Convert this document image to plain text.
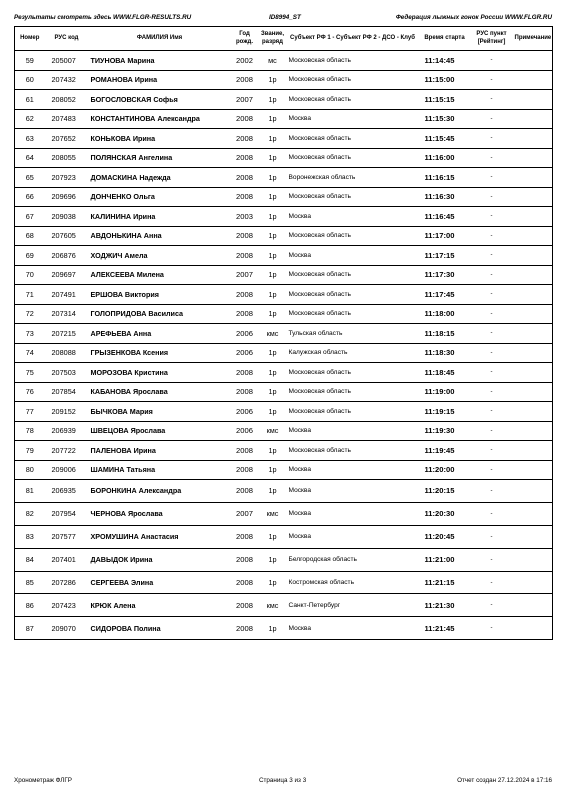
Результаты смотреть здесь WWW.FLGR-RESULTS.RU	ID8994_ST	Федерация лыжных гонок России WWW.FLGR.RU
Номер	РУС код	ФАМИЛИЯ Имя	Год рожд.	Звание, разряд	Субъект РФ 1 - Субъект РФ 2 - ДСО - Клуб	Время старта	РУС пункт [Рейтинг]	Примечание
59	205007	ТИУНОВА Марина	2002	мс	Московская область	11:14:45	-	
60	207432	РОМАНОВА Ирина	2008	1р	Московская область	11:15:00	-	
61	208052	БОГОСЛОВСКАЯ Софья	2007	1р	Московская область	11:15:15	-	
62	207483	КОНСТАНТИНОВА Александра	2008	1р	Москва	11:15:30	-	
63	207652	КОНЬКОВА Ирина	2008	1р	Московская область	11:15:45	-	
64	208055	ПОЛЯНСКАЯ Ангелина	2008	1р	Московская область	11:16:00	-	
65	207923	ДОМАСКИНА Надежда	2008	1р	Воронежская область	11:16:15	-	
66	209696	ДОНЧЕНКО Ольга	2008	1р	Московская область	11:16:30	-	
67	209038	КАЛИНИНА Ирина	2003	1р	Москва	11:16:45	-	
68	207605	АВДОНЬКИНА Анна	2008	1р	Московская область	11:17:00	-	
69	206876	ХОДЖИЧ Амела	2008	1р	Москва	11:17:15	-	
70	209697	АЛЕКСЕЕВА Милена	2007	1р	Московская область	11:17:30	-	
71	207491	ЕРШОВА Виктория	2008	1р	Московская область	11:17:45	-	
72	207314	ГОЛОПРИДОВА Василиса	2008	1р	Московская область	11:18:00	-	
73	207215	АРЕФЬЕВА Анна	2006	кмс	Тульская область	11:18:15	-	
74	208088	ГРЫЗЕНКОВА Ксения	2006	1р	Калужская область	11:18:30	-	
75	207503	МОРОЗОВА Кристина	2008	1р	Московская область	11:18:45	-	
76	207854	КАБАНОВА Ярослава	2008	1р	Московская область	11:19:00	-	
77	209152	БЫЧКОВА Мария	2006	1р	Московская область	11:19:15	-	
78	206939	ШВЕЦОВА Ярослава	2006	кмс	Москва	11:19:30	-	
79	207722	ПАЛЕНОВА Ирина	2008	1р	Московская область	11:19:45	-	
80	209006	ШАМИНА Татьяна	2008	1р	Москва	11:20:00	-	
81	206935	БОРОНКИНА Александра	2008	1р	Москва	11:20:15	-	
82	207954	ЧЕРНОВА Ярослава	2007	кмс	Москва	11:20:30	-	
83	207577	ХРОМУШИНА Анастасия	2008	1р	Москва	11:20:45	-	
84	207401	ДАВЫДОК Ирина	2008	1р	Белгородская область	11:21:00	-	
85	207286	СЕРГЕЕВА Элина	2008	1р	Костромская область	11:21:15	-	
86	207423	КРЮК Алена	2008	кмс	Санкт-Петербург	11:21:30	-	
87	209070	СИДОРОВА Полина	2008	1р	Москва	11:21:45	-	
Хронометраж ФЛГР	Страница 3 из 3	Отчет создан 27.12.2024 в 17:16
